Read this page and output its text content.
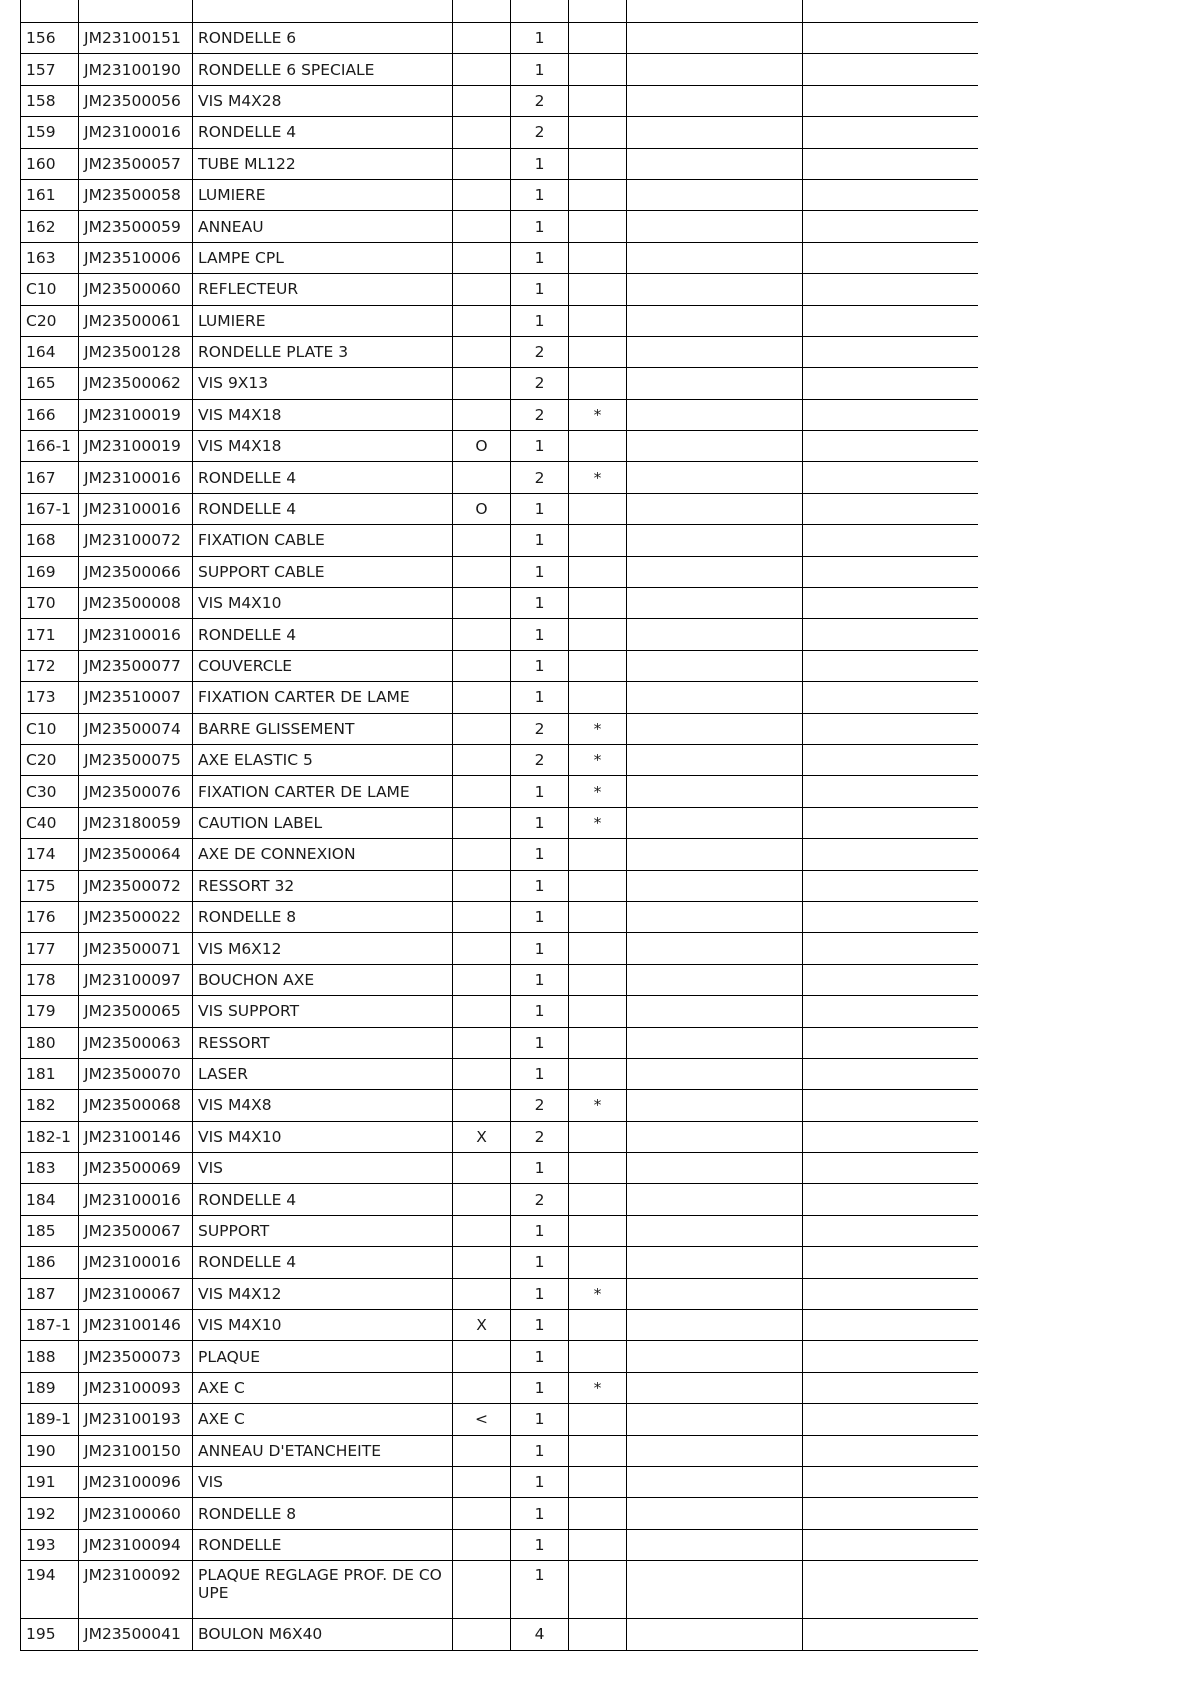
156	JM23100151	RONDELLE 6		1			
157	JM23100190	RONDELLE 6 SPECIALE		1			
158	JM23500056	VIS M4X28		2			
159	JM23100016	RONDELLE 4		2			
160	JM23500057	TUBE ML122		1			
161	JM23500058	LUMIERE		1			
162	JM23500059	ANNEAU		1			
163	JM23510006	LAMPE CPL		1			
C10	JM23500060	REFLECTEUR		1			
C20	JM23500061	LUMIERE		1			
164	JM23500128	RONDELLE PLATE 3		2			
165	JM23500062	VIS 9X13		2			
166	JM23100019	VIS M4X18		2	*		
166-1	JM23100019	VIS M4X18	O	1			
167	JM23100016	RONDELLE 4		2	*		
167-1	JM23100016	RONDELLE 4	O	1			
168	JM23100072	FIXATION CABLE		1			
169	JM23500066	SUPPORT CABLE		1			
170	JM23500008	VIS M4X10		1			
171	JM23100016	RONDELLE 4		1			
172	JM23500077	COUVERCLE		1			
173	JM23510007	FIXATION CARTER DE LAME		1			
C10	JM23500074	BARRE GLISSEMENT		2	*		
C20	JM23500075	AXE ELASTIC 5		2	*		
C30	JM23500076	FIXATION CARTER DE LAME		1	*		
C40	JM23180059	CAUTION LABEL		1	*		
174	JM23500064	AXE DE CONNEXION		1			
175	JM23500072	RESSORT 32		1			
176	JM23500022	RONDELLE 8		1			
177	JM23500071	VIS M6X12		1			
178	JM23100097	BOUCHON AXE		1			
179	JM23500065	VIS SUPPORT		1			
180	JM23500063	RESSORT		1			
181	JM23500070	LASER		1			
182	JM23500068	VIS M4X8		2	*		
182-1	JM23100146	VIS M4X10	X	2			
183	JM23500069	VIS		1			
184	JM23100016	RONDELLE 4		2			
185	JM23500067	SUPPORT		1			
186	JM23100016	RONDELLE 4		1			
187	JM23100067	VIS M4X12		1	*		
187-1	JM23100146	VIS M4X10	X	1			
188	JM23500073	PLAQUE		1			
189	JM23100093	AXE C		1	*		
189-1	JM23100193	AXE C	<	1			
190	JM23100150	ANNEAU D'ETANCHEITE		1			
191	JM23100096	VIS		1			
192	JM23100060	RONDELLE 8		1			
193	JM23100094	RONDELLE		1			
194	JM23100092	PLAQUE REGLAGE PROF. DE COUPE		1			
195	JM23500041	BOULON M6X40		4			
